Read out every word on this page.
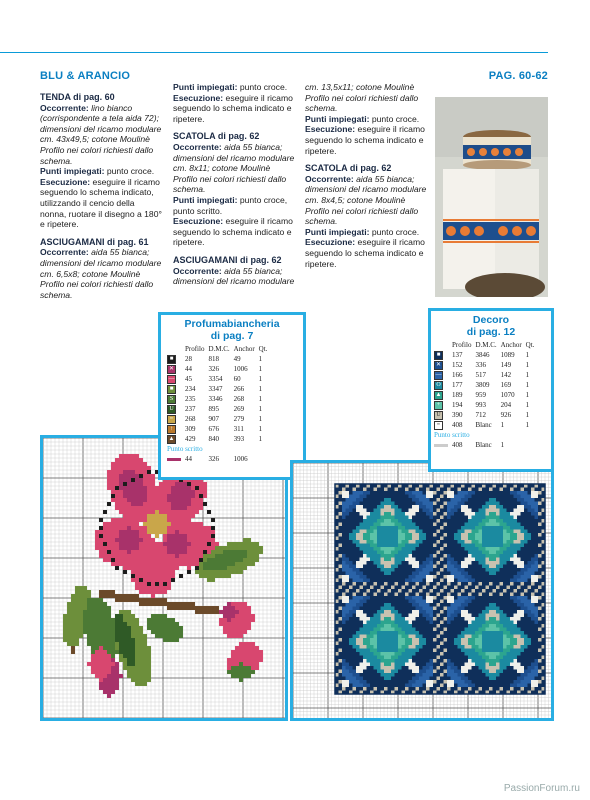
BLU & ARANCIO	PAG. 60-62

TENDA di pag. 60

Occorrente: lino bianco (corrispondente a tela aida 72); dimensioni del ricamo modulare cm. 43x49,5; cotone Moulinè Profilo nei colori richiesti dallo schema.

Punti impiegati: punto croce.

Esecuzione: eseguire il ricamo seguendo lo schema indicato, utilizzando il cencio della nonna, ruotare il disegno a 180° e ripetere.

ASCIUGAMANI di pag. 61

Occorrente: aida 55 bianca; dimensioni del ricamo modulare cm. 6,5x8; cotone Moulinè Profilo nei colori richiesti dallo schema.

Punti impiegati: punto croce.

Esecuzione: eseguire il ricamo seguendo lo schema indicato e ripetere.

SCATOLA di pag. 62

Occorrente: aida 55 bianca; dimensioni del ricamo modulare cm. 8x11; cotone Moulinè Profilo nei colori richiesti dallo schema.

Punti impiegati: punto croce, punto scritto.

Esecuzione: eseguire il ricamo seguendo lo schema indicato e ripetere.

ASCIUGAMANI di pag. 62

Occorrente: aida 55 bianca; dimensioni del ricamo modulare

cm. 13,5x11; cotone Moulinè Profilo nei colori richiesti dallo schema.

Punti impiegati: punto croce.

Esecuzione: eseguire il ricamo seguendo lo schema indicato e ripetere.

SCATOLA di pag. 62

Occorrente: aida 55 bianca; dimensioni del ricamo modulare cm. 8x4,5; cotone Moulinè Profilo nei colori richiesti dallo schema.

Punti impiegati: punto croce.

Esecuzione: eseguire il ricamo seguendo lo schema indicato e ripetere.

Profumabiancheria
di pag. 7
	Profilo	D.M.C.	Anchor	Qt.
■	28	818	49	1
✕	44	326	1006	1
—	45	3354	60	1
■	234	3347	266	1
S	235	3346	268	1
U	237	895	269	1
=	268	907	279	1
↑	309	676	311	1
▲	429	840	393	1
Punto scritto				
	44	326	1006	
Decoro
di pag. 12
	Profilo	D.M.C.	Anchor	Qt.
■	137	3846	1089	1
✕	152	336	149	1
—	166	517	142	1
O	177	3809	169	1
▲	189	959	1070	1
+	194	993	204	1
U	390	712	926	1
=	408	Blanc	1	1
Punto scritto				
	408	Blanc	1	
PassionForum.ru
